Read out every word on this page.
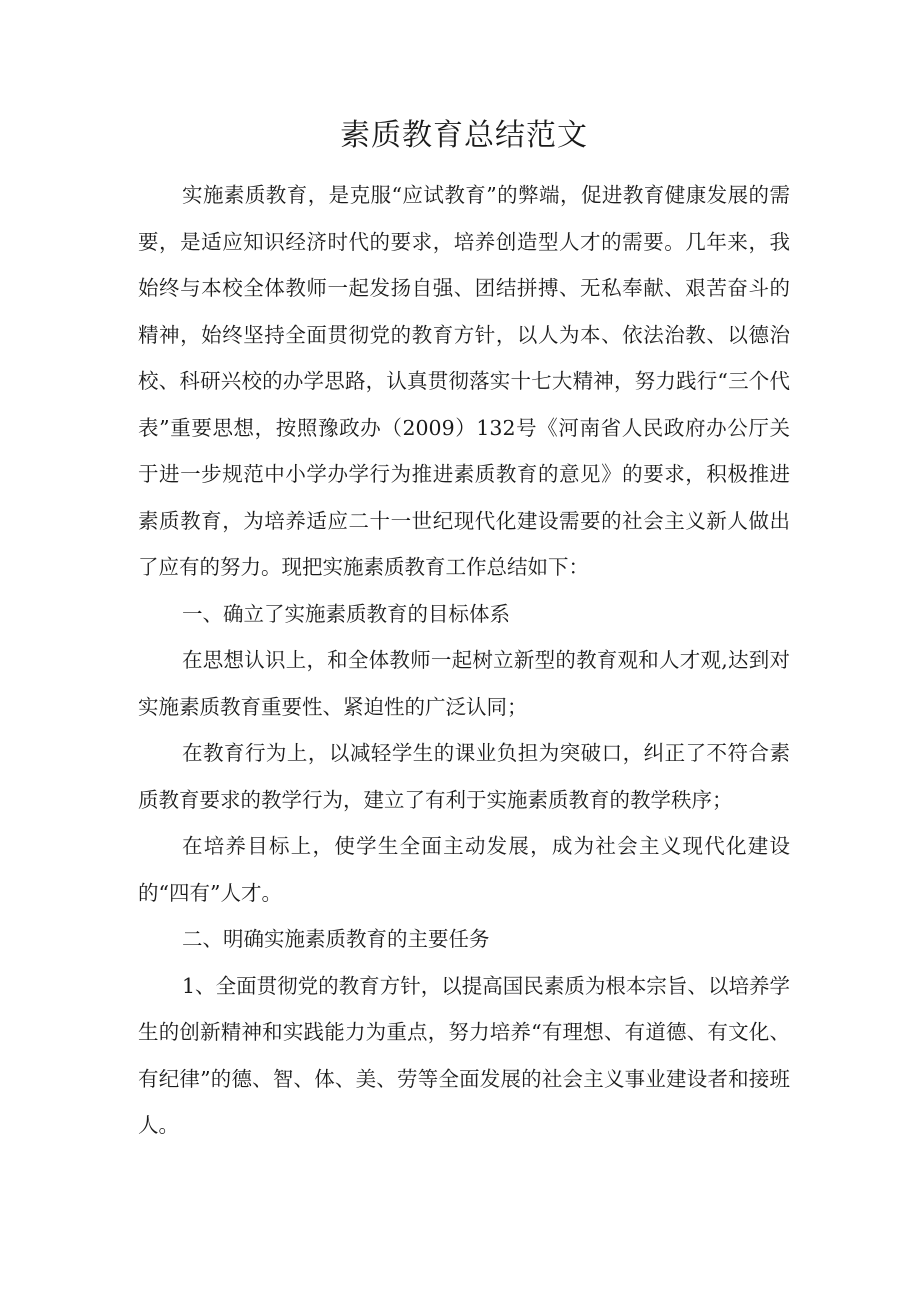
素质教育总结范文

实施素质教育，是克服“应试教育”的弊端，促进教育健康发展的需要，是适应知识经济时代的要求，培养创造型人才的需要。几年来，我始终与本校全体教师一起发扬自强、团结拼搏、无私奉献、艰苦奋斗的精神，始终坚持全面贯彻党的教育方针，以人为本、依法治教、以德治校、科研兴校的办学思路，认真贯彻落实十七大精神，努力践行“三个代表”重要思想，按照豫政办（2009）132号《河南省人民政府办公厅关于进一步规范中小学办学行为推进素质教育的意见》的要求，积极推进素质教育，为培养适应二十一世纪现代化建设需要的社会主义新人做出了应有的努力。现把实施素质教育工作总结如下：

一、确立了实施素质教育的目标体系

在思想认识上，和全体教师一起树立新型的教育观和人才观,达到对实施素质教育重要性、紧迫性的广泛认同；

在教育行为上，以减轻学生的课业负担为突破口，纠正了不符合素质教育要求的教学行为，建立了有利于实施素质教育的教学秩序；

在培养目标上，使学生全面主动发展，成为社会主义现代化建设的“四有”人才。

二、明确实施素质教育的主要任务

1、全面贯彻党的教育方针，以提高国民素质为根本宗旨、以培养学生的创新精神和实践能力为重点，努力培养“有理想、有道德、有文化、有纪律”的德、智、体、美、劳等全面发展的社会主义事业建设者和接班人。
